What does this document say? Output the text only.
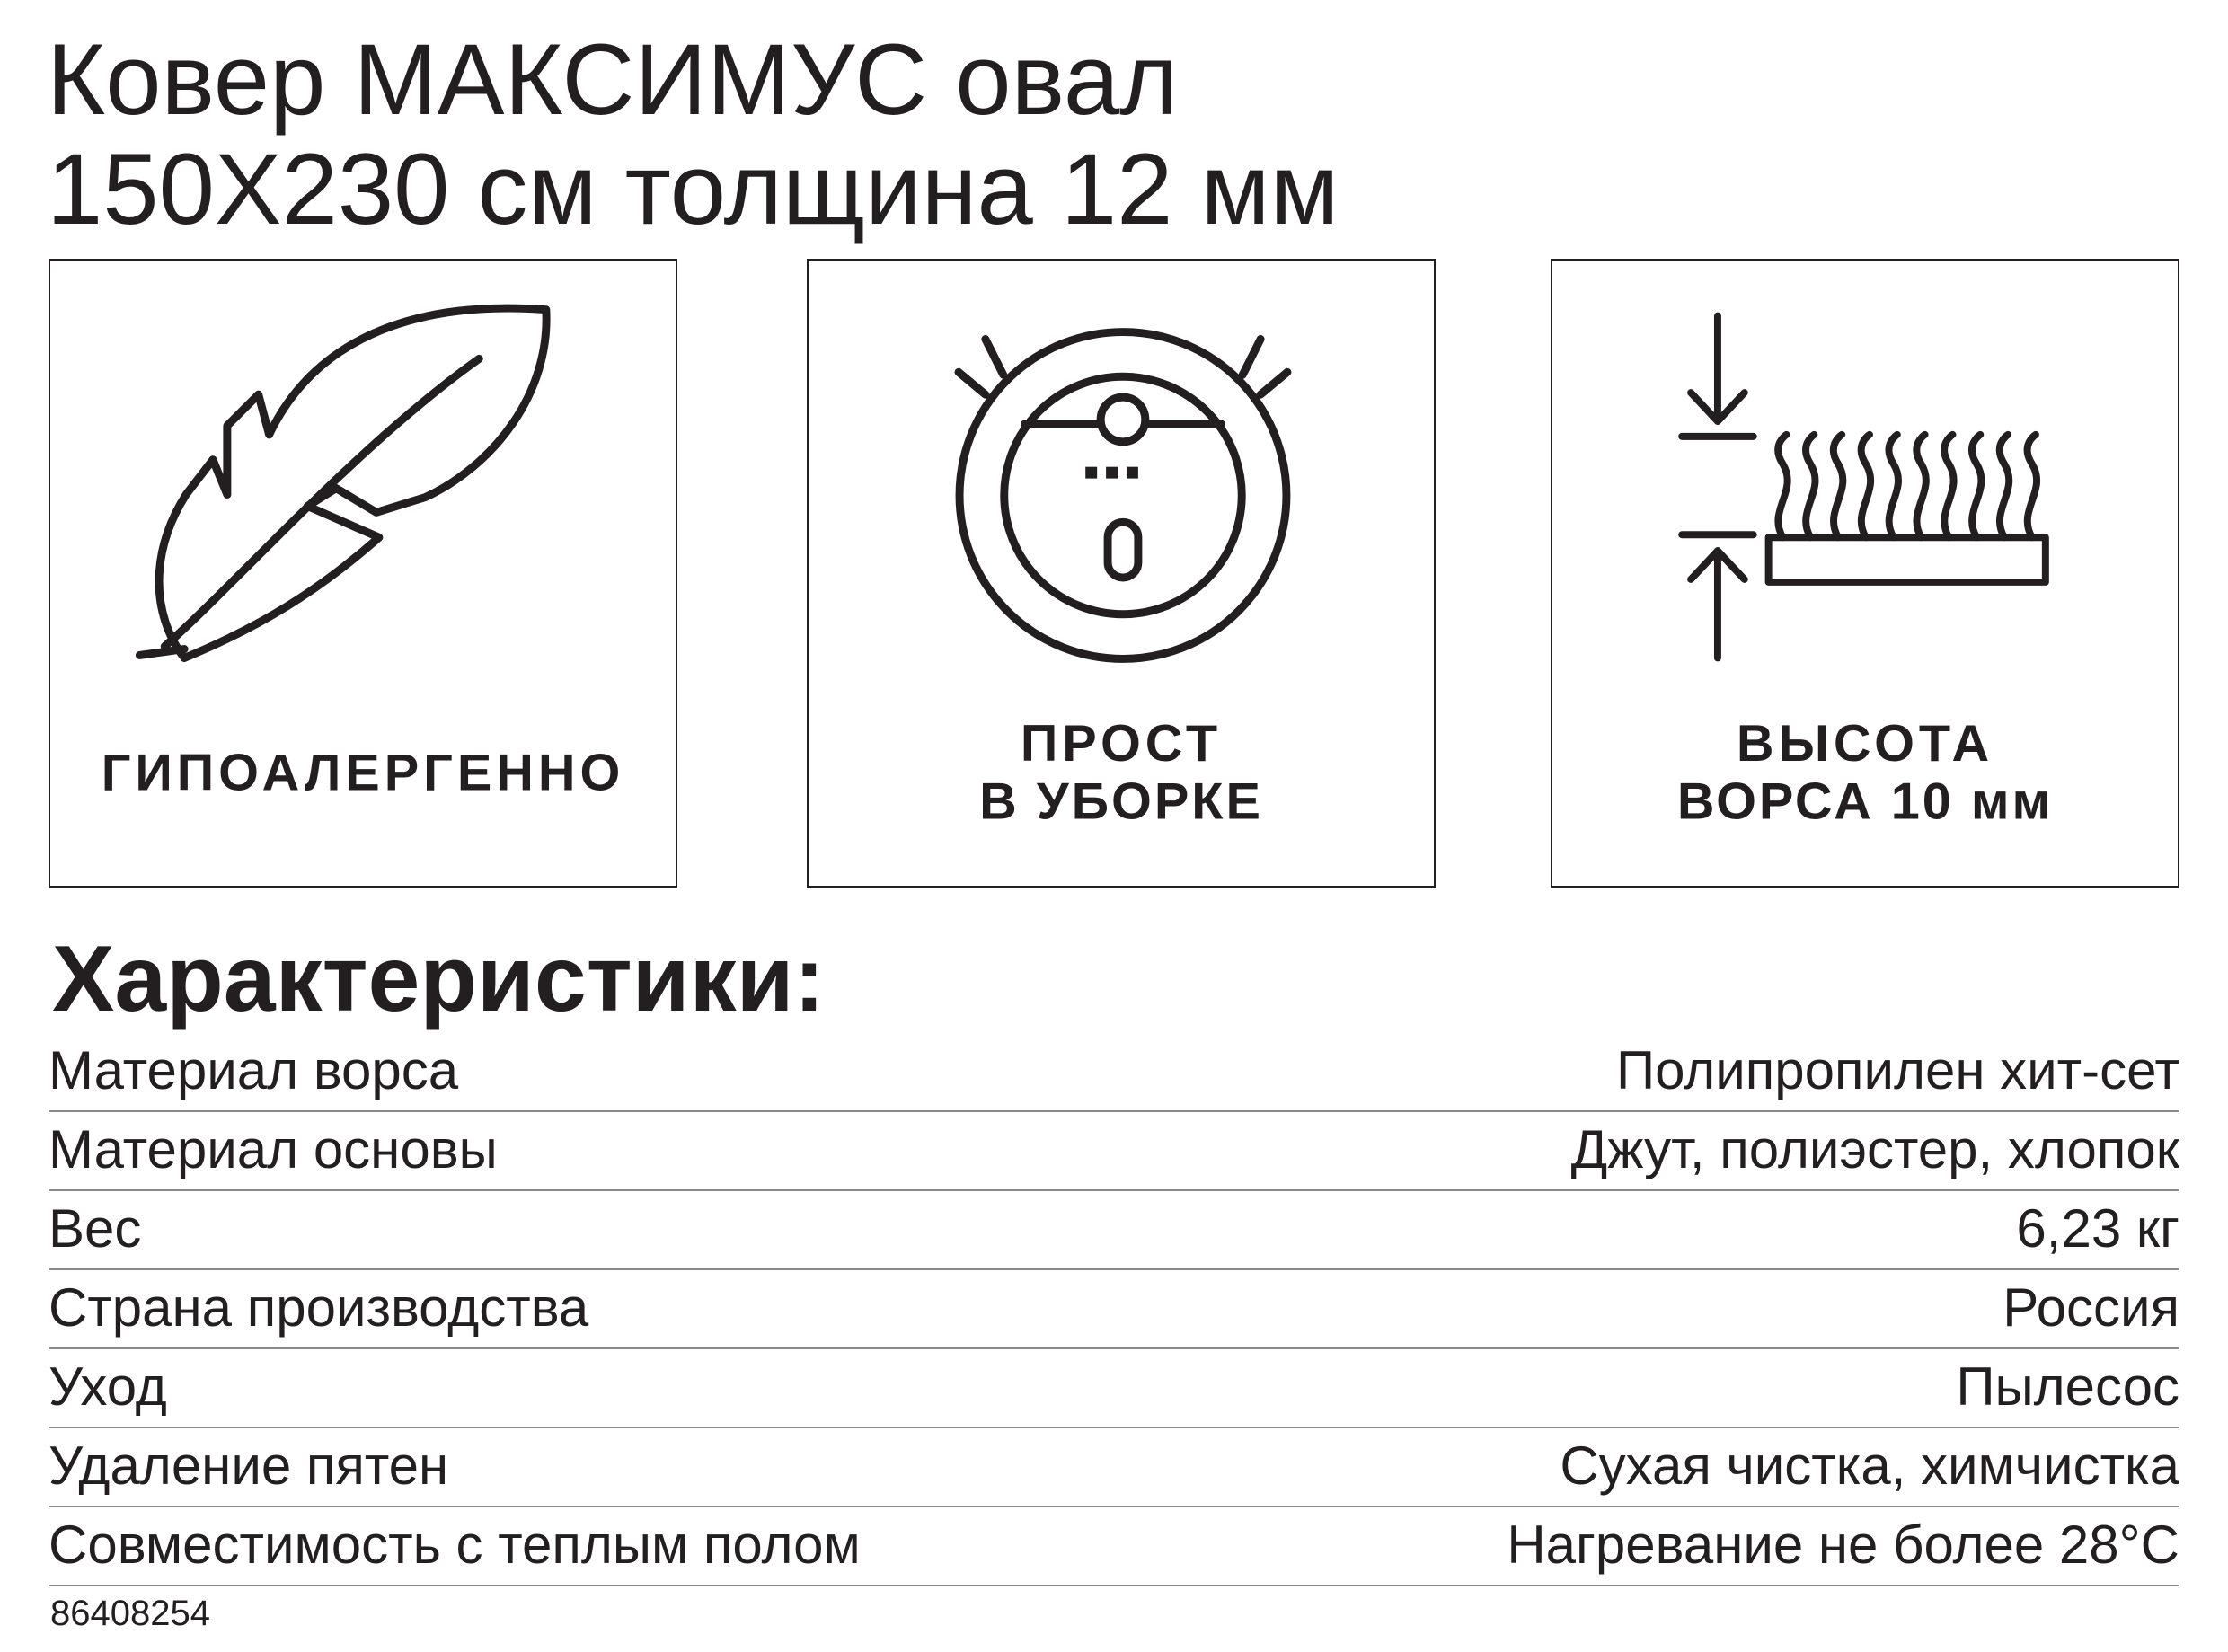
Ковер МАКСИМУС овал
150X230 см толщина 12 мм
ГИПОАЛЕРГЕННО
ПРОСТ
В УБОРКЕ
ВЫСОТА
ВОРСА 10 мм
Характеристики:
Материал ворса	Полипропилен хит-сет
Материал основы	Джут, полиэстер, хлопок
Вес	6,23 кг
Страна производства	Россия
Уход	Пылесос
Удаление пятен	Сухая чистка, химчистка
Совместимость с теплым полом	Нагревание не более 28°C
86408254
